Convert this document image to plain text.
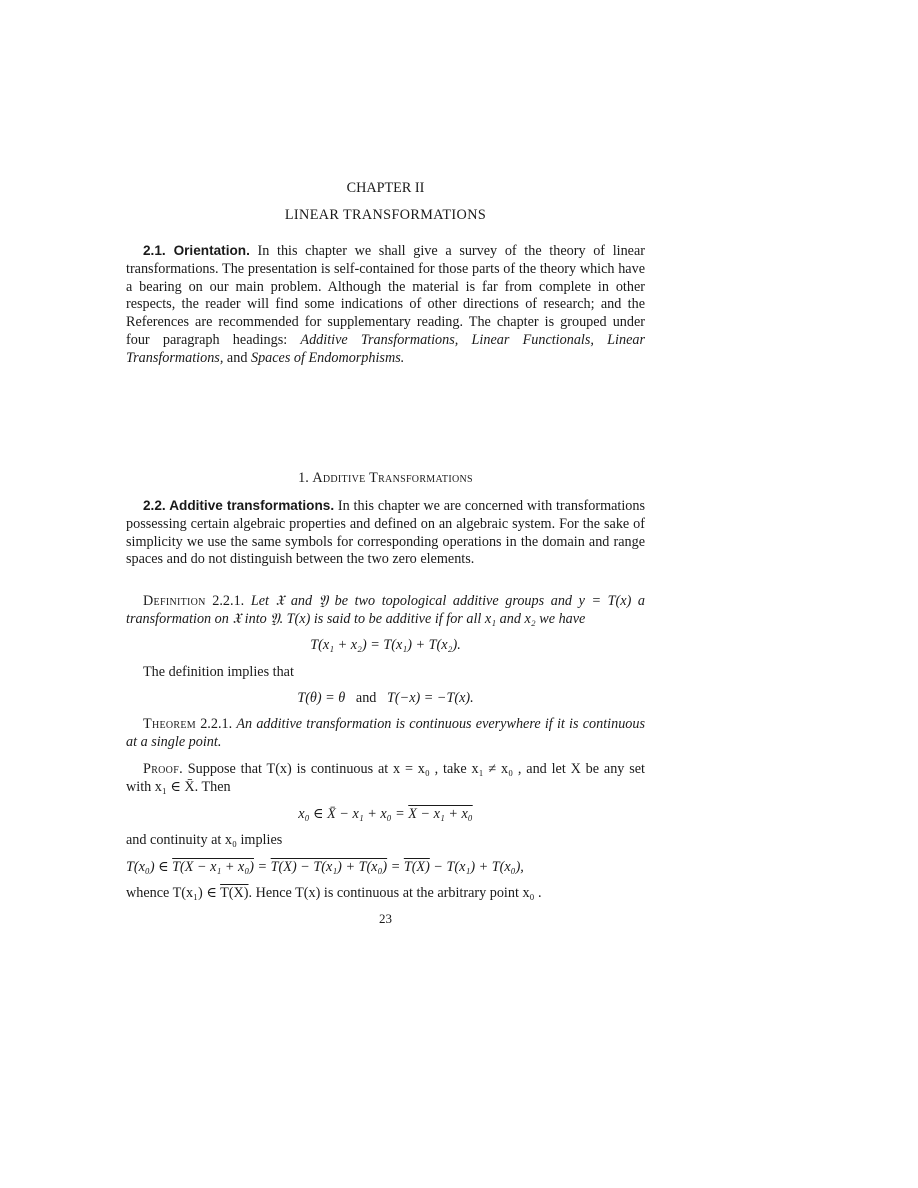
CHAPTER II
LINEAR TRANSFORMATIONS

2.1. Orientation. In this chapter we shall give a survey of the theory of linear transformations. The presentation is self-contained for those parts of the theory which have a bearing on our main problem. Although the material is far from complete in other respects, the reader will find some indications of other directions of research; and the References are recommended for supplementary reading. The chapter is grouped under four paragraph headings: Additive Transformations, Linear Functionals, Linear Transformations, and Spaces of Endomorphisms.

1. Additive Transformations

2.2. Additive transformations. In this chapter we are concerned with transformations possessing certain algebraic properties and defined on an algebraic system. For the sake of simplicity we use the same symbols for corresponding operations in the domain and range spaces and do not distinguish between the two zero elements.

Definition 2.2.1. Let 𝔛 and 𝔜 be two topological additive groups and y = T(x) a transformation on 𝔛 into 𝔜. T(x) is said to be additive if for all x₁ and x₂ we have

T(x₁ + x₂) = T(x₁) + T(x₂).
The definition implies that
T(θ) = θ and T(−x) = −T(x).

Theorem 2.2.1. An additive transformation is continuous everywhere if it is continuous at a single point.

Proof. Suppose that T(x) is continuous at x = x₀ , take x₁ ≠ x₀ , and let X be any set with x₁ ∈ X̄. Then

x₀ ∈ X̄ − x₁ + x₀ = X − x₁ + x₀
and continuity at x₀ implies
T(x₀) ∈ T(X − x₁ + x₀) = T(X) − T(x₁) + T(x₀) = T(X) − T(x₁) + T(x₀),
whence T(x₁) ∈ T(X). Hence T(x) is continuous at the arbitrary point x₀ .
23
